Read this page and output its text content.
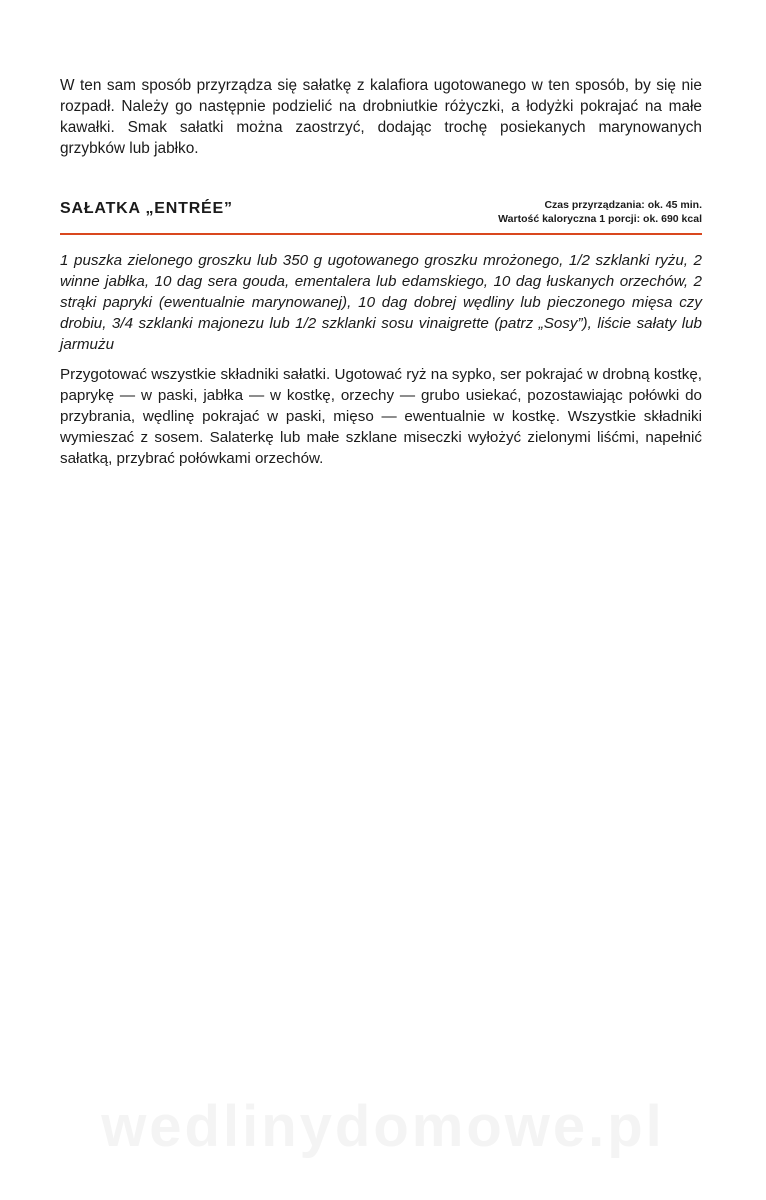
W ten sam sposób przyrządza się sałatkę z kalafiora ugotowanego w ten sposób, by się nie rozpadł. Należy go następnie podzielić na drobniutkie różyczki, a łodyżki pokrajać na małe kawałki. Smak sałatki można zaostrzyć, dodając trochę posiekanych marynowanych grzybków lub jabłko.

SAŁATKA „ENTRÉE”	Czas przyrządzania: ok. 45 min.
Wartość kaloryczna 1 porcji: ok. 690 kcal

1 puszka zielonego groszku lub 350 g ugotowanego groszku mrożonego, 1/2 szklanki ryżu, 2 winne jabłka, 10 dag sera gouda, ementalera lub edamskiego, 10 dag łuskanych orzechów, 2 strąki papryki (ewentualnie marynowanej), 10 dag dobrej wędliny lub pieczonego mięsa czy drobiu, 3/4 szklanki majonezu lub 1/2 szklanki sosu vinaigrette (patrz „Sosy”), liście sałaty lub jarmużu

Przygotować wszystkie składniki sałatki. Ugotować ryż na sypko, ser pokrajać w drobną kostkę, paprykę — w paski, jabłka — w kostkę, orzechy — grubo usiekać, pozostawiając połówki do przybrania, wędlinę pokrajać w paski, mięso — ewentualnie w kostkę. Wszystkie składniki wymieszać z sosem. Salaterkę lub małe szklane miseczki wyłożyć zielonymi liśćmi, napełnić sałatką, przybrać połówkami orzechów.

wedlinydomowe.pl
